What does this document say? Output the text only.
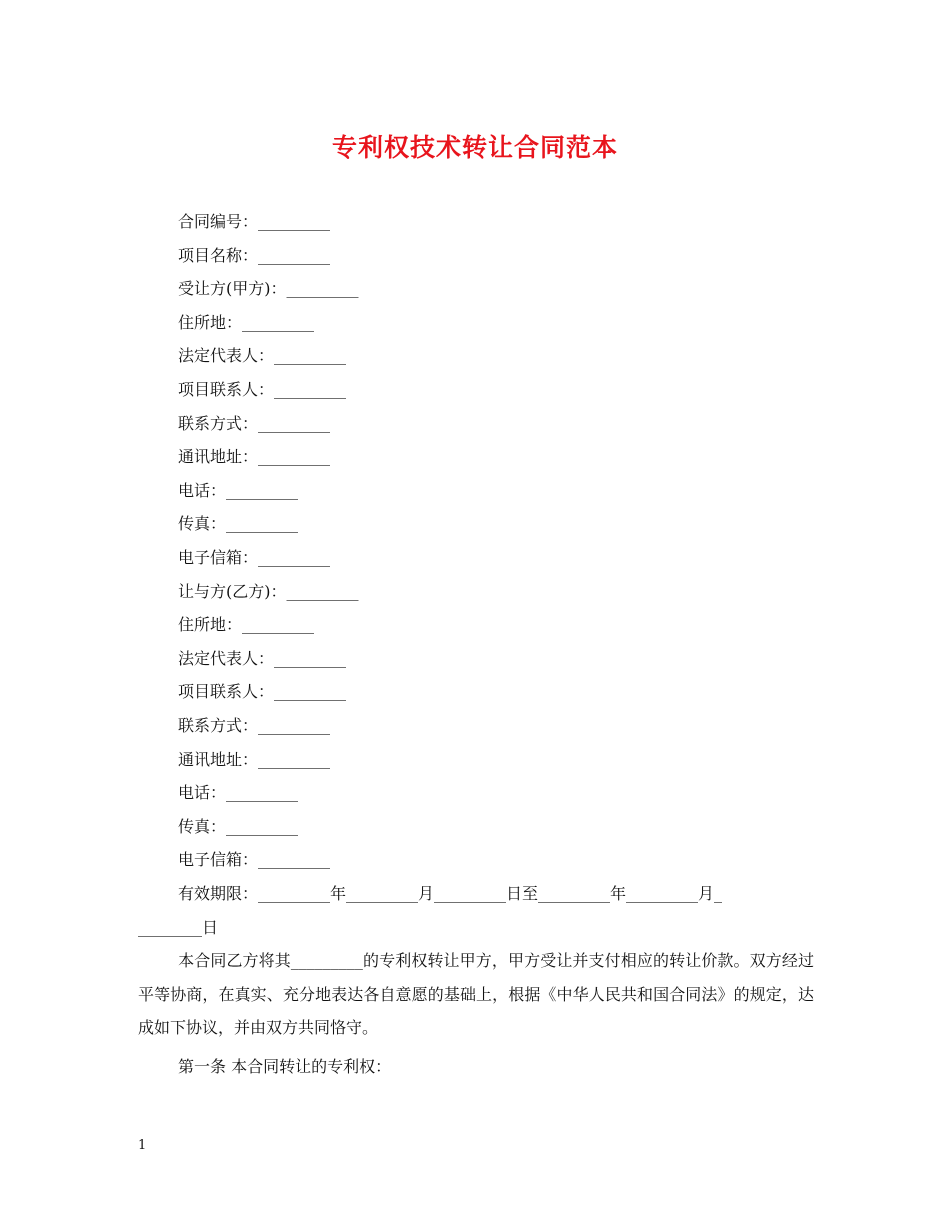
专利权技术转让合同范本
合同编号：_________
项目名称：_________
受让方(甲方)：_________
住所地：_________
法定代表人：_________
项目联系人：_________
联系方式：_________
通讯地址：_________
电话：_________
传真：_________
电子信箱：_________
让与方(乙方)：_________
住所地：_________
法定代表人：_________
项目联系人：_________
联系方式：_________
通讯地址：_________
电话：_________
传真：_________
电子信箱：_________
有效期限：_________年_________月_________日至_________年_________月_
________日

本合同乙方将其_________的专利权转让甲方，甲方受让并支付相应的转让价款。双方经过平等协商，在真实、充分地表达各自意愿的基础上，根据《中华人民共和国合同法》的规定，达成如下协议，并由双方共同恪守。

第一条 本合同转让的专利权：
1
